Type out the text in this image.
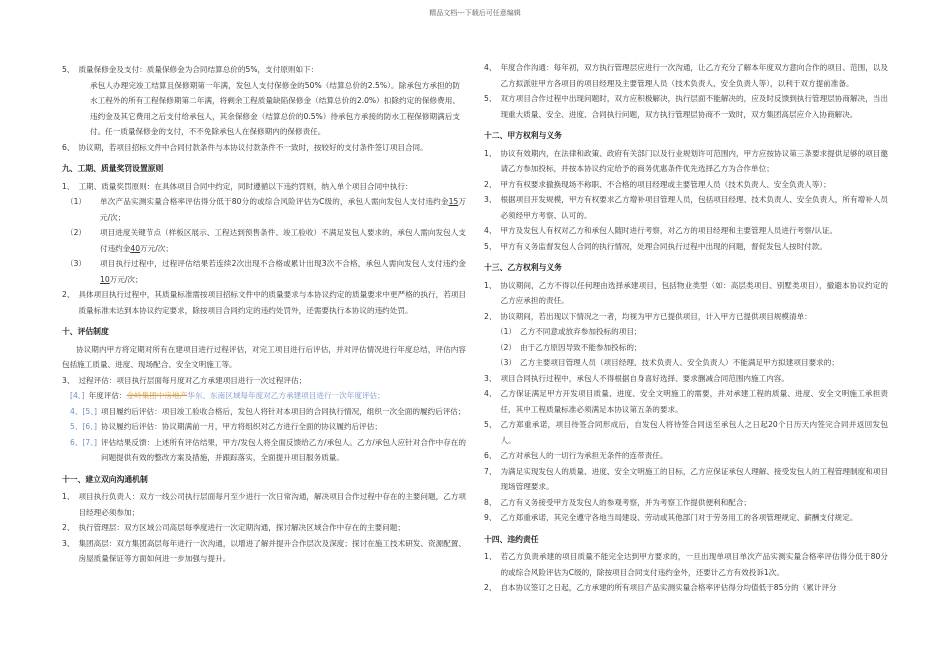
精品文档---下载后可任意编辑
5、 质量保修金及支付：质量保修金为合同结算总价的5%，支付原则如下：
承包人办理完竣工结算且保修期第一年满，发包人支付保修金的50%（结算总价的2.5%）。除承包方承担的防水工程外的所有工程保修期第二年满，将剩余工程质量缺陷保修金（结算总价的2.0%）扣除约定的保修费用、违约金及其它费用之后支付给承包人，其余保修金（结算总价的0.5%）待承包方承接的防水工程保修期满后支付。任一质量保修金的支付，不不免除承包人在保修期内的保修责任。
6、 协议期，若项目招标文件中合同付款条件与本协议付款条件不一致时，按较好的支付条件签订项目合同。
九、工期、质量奖罚设置原则
1、 工期、质量奖罚原则：在具体项目合同中约定，同时遵循以下违约罚则，纳入单个项目合同中执行：
（1）	单次产品实测实量合格率评估得分低于80分的或综合风险评估为C级的，承包人需向发包人支付违约金15万元/次；
（2）	项目进度关键节点（样板区展示、工程达到预售条件、竣工验收）不满足发包人要求的，承包人需向发包人支付违约金40万元/次；
（3）	项目执行过程中，过程评估结果若连续2次出现不合格或累计出现3次不合格，承包人需向发包人支付违约金10万元/次；
2、 具体项目执行过程中，其质量标准需按项目招标文件中的质量要求与本协议约定的质量要求中更严格的执行，若项目质量标准未达到本协议约定要求，除按项目合同约定的违约处罚外，还需要执行本协议的违约处罚。
十、评估制度
协议期内甲方将定期对所有在建项目进行过程评估，对完工项目进行后评估，并对评估情况进行年度总结，评估内容包括施工质量、进度、现场配合、安全文明施工等。
3、 过程评估：项目执行层面每月度对乙方承建项目进行一次过程评估；
[4、] 年度评估：金岭集团中房地产华东、东南区域每年度对乙方承建项目进行一次年度评估；
4、[5、] 项目履约后评估：项目竣工验收合格后，发包人将针对本项目的合同执行情况，组织一次全面的履约后评估；
5、[6、] 协议履约后评估：协议期满前一月，甲方将组织对乙方进行全面的协议履约后评估；
6、[7、] 评估结果反馈：上述所有评估结果，甲方/发包人将全面反馈给乙方/承包人。乙方/承包人应针对合作中存在的问题提供有效的整改方案及措施，并跟踪落实，全面提升项目服务质量。
十一、建立双向沟通机制
1、 项目执行负责人：双方一线公司执行层面每月至少进行一次日常沟通，解决项目合作过程中存在的主要问题，乙方项目经理必须参加；
2、 执行管理层：双方区域公司高层每季度进行一次定期沟通，探讨解决区域合作中存在的主要问题；
3、 集团高层：双方集团高层每年进行一次沟通，以增进了解并提升合作层次及深度；探讨在施工技术研发、资源配置、房屋质量保证等方面如何进一步加强与提升。
4、 年度合作沟通：每年初，双方执行管理层应进行一次沟通，让乙方充分了解本年度双方意向合作的项目、范围，以及乙方拟派驻甲方各项目的项目经理及主要管理人员（技术负责人、安全负责人等），以利于双方提前准备。
5、 双方项目合作过程中出现问题时，双方应积极解决，执行层面不能解决的，应及时反馈到执行管理层协商解决，当出现重大质量、安全、进度、合同执行问题，双方执行管理层协商不一致时，双方集团高层应介入协商解决。
十二、甲方权利与义务
1、 协议有效期内，在法律和政策、政府有关部门以及行业规划许可范围内，甲方应按协议第三条要求提供足够的项目邀请乙方参加投标，并按本协议约定给予的商务优惠条件优先选择乙方为合作单位；
2、 甲方有权要求撤换现场不称职、不合格的项目经理或主要管理人员（技术负责人、安全负责人等）；
3、 根据项目开发规模，甲方有权要求乙方增补项目管理人员，包括项目经理、技术负责人、安全负责人，所有增补人员必须经甲方考察、认可的。
4、 甲方及发包人有权对乙方和承包人随时进行考察，对乙方的项目经理和主要管理人员进行考察/认证。
5、 甲方有义务监督发包人合同的执行情况，处理合同执行过程中出现的问题，督促发包人按时付款。
十三、乙方权利与义务
1、 协议期间，乙方不得以任何理由选择承建项目，包括物业类型（如：高层类项目、别墅类项目），撤避本协议约定的乙方应承担的责任。
2、 协议期间，若出现以下情况之一者，均视为甲方已提供项目，计入甲方已提供项目规模清单：
（1） 乙方不同意或放弃参加投标的项目；
（2） 由于乙方原因导致不能参加投标的；
（3） 乙方主要项目管理人员（项目经理、技术负责人、安全负责人）不能满足甲方拟建项目要求的；
3、 项目合同执行过程中，承包人不得根据自身喜好选择、要求删减合同范围内施工内容。
4、 乙方保证满足甲方开发项目质量、进度、安全文明施工的需要，并对承建工程的质量、进度、安全文明施工承担责任，其中工程质量标准必须满足本协议第五条的要求。
5、 乙方郑重承诺，项目待签合同形成后，自发包人将待签合同送至承包人之日起20个日历天内签完合同并返回发包人。
6、 乙方对承包人的一切行为承担无条件的连带责任。
7、 为满足实现发包人的质量、进度、安全文明施工的目标，乙方应保证承包人理解、接受发包人的工程管理制度和项目现场管理要求。
8、 乙方有义务接受甲方及发包人的参观考察，并为考察工作提供便利和配合；
9、 乙方郑重承诺，其完全遵守各地当局建设、劳动或其他部门对于劳务用工的各项管理规定、薪酬支付规定。
十四、违约责任
1、 若乙方负责承建的项目质量不能完全达到甲方要求的，一旦出现单项目单次产品实测实量合格率评估得分低于80分的或综合风险评估为C级的，除按项目合同支付违约金外，还要计乙方有效投诉1次。
2、 自本协议签订之日起，乙方承建的所有项目产品实测实量合格率评估得分均值低于85分的（累计评分
